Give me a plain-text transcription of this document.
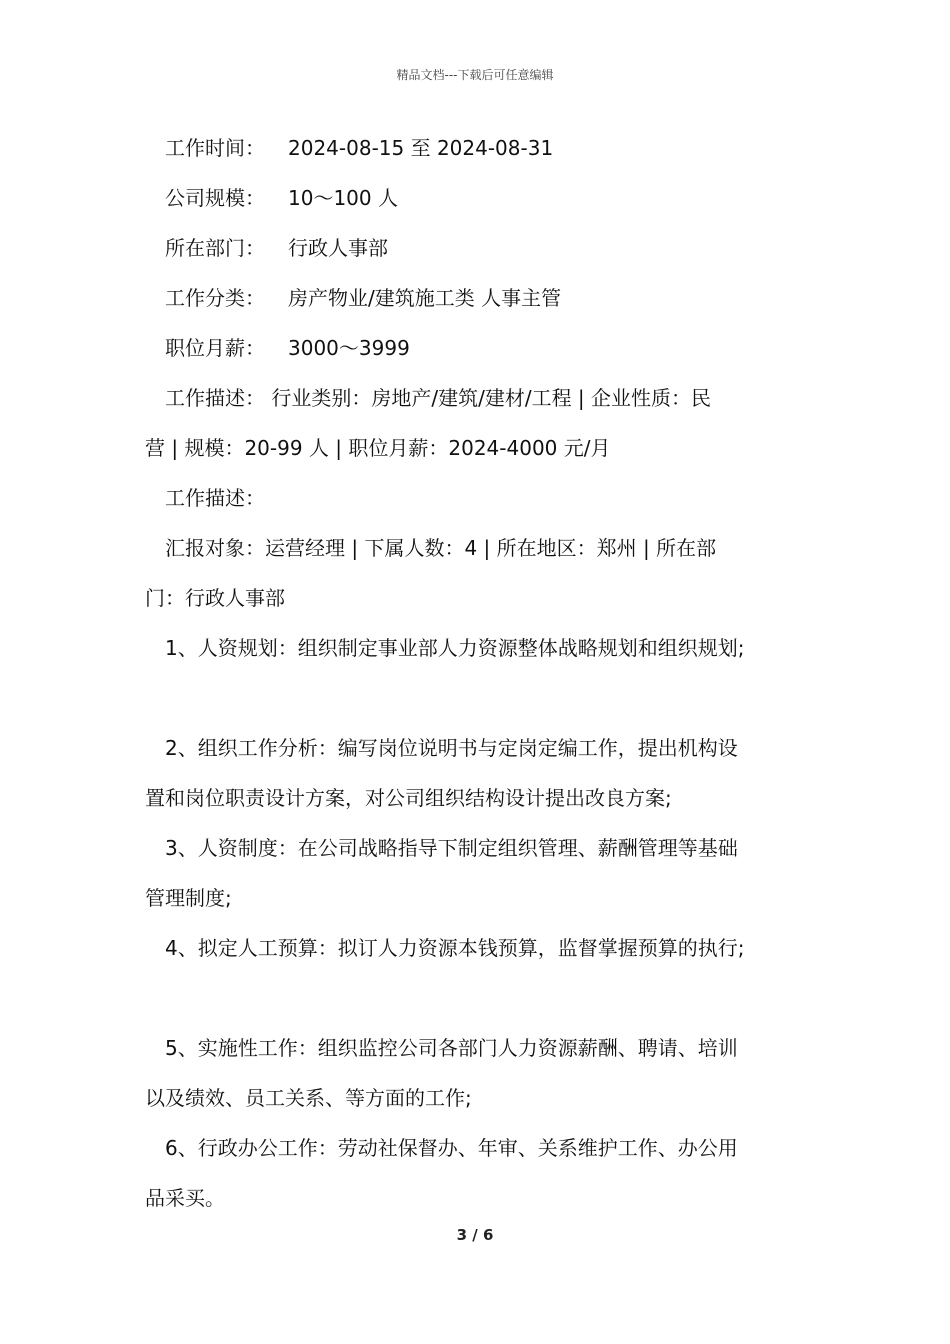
精品文档---下载后可任意编辑
工作时间： 2024-08-15 至 2024-08-31
公司规模： 10～100 人
所在部门： 行政人事部
工作分类： 房产物业/建筑施工类 人事主管
职位月薪： 3000～3999
工作描述： 行业类别：房地产/建筑/建材/工程 | 企业性质：民
营 | 规模：20-99 人 | 职位月薪：2024-4000 元/月
工作描述：
汇报对象：运营经理 | 下属人数：4 | 所在地区：郑州 | 所在部
门：行政人事部
1、人资规划：组织制定事业部人力资源整体战略规划和组织规划;
2、组织工作分析：编写岗位说明书与定岗定编工作，提出机构设
置和岗位职责设计方案，对公司组织结构设计提出改良方案;
3、人资制度：在公司战略指导下制定组织管理、薪酬管理等基础
管理制度;
4、拟定人工预算：拟订人力资源本钱预算，监督掌握预算的执行;
5、实施性工作：组织监控公司各部门人力资源薪酬、聘请、培训
以及绩效、员工关系、等方面的工作;
6、行政办公工作：劳动社保督办、年审、关系维护工作、办公用
品采买。
3 / 6
